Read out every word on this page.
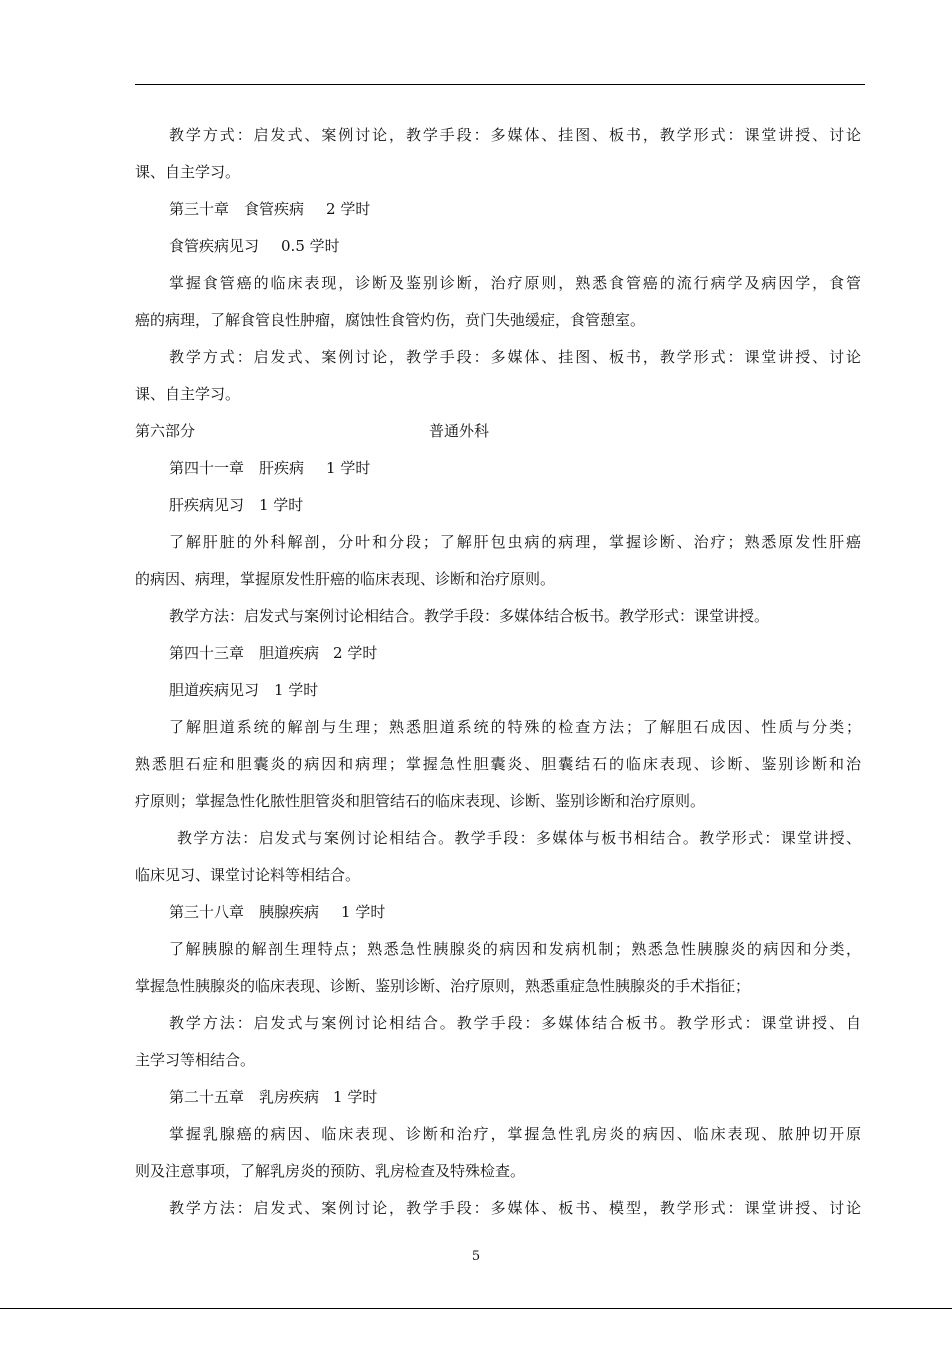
教学方式：启发式、案例讨论，教学手段：多媒体、挂图、板书，教学形式：课堂讲授、讨论
课、自主学习。
第三十章　食管疾病 2 学时
食管疾病见习 0.5 学时
掌握食管癌的临床表现，诊断及鉴别诊断，治疗原则，熟悉食管癌的流行病学及病因学，食管
癌的病理，了解食管良性肿瘤，腐蚀性食管灼伤，贲门失弛缓症，食管憩室。
教学方式：启发式、案例讨论，教学手段：多媒体、挂图、板书，教学形式：课堂讲授、讨论
课、自主学习。
第六部分	普通外科
第四十一章　肝疾病 1 学时
肝疾病见习　1 学时
了解肝脏的外科解剖，分叶和分段；了解肝包虫病的病理，掌握诊断、治疗；熟悉原发性肝癌
的病因、病理，掌握原发性肝癌的临床表现、诊断和治疗原则。
教学方法：启发式与案例讨论相结合。教学手段：多媒体结合板书。教学形式：课堂讲授。
第四十三章　胆道疾病 2 学时
胆道疾病见习　1 学时
了解胆道系统的解剖与生理；熟悉胆道系统的特殊的检查方法；了解胆石成因、性质与分类；
熟悉胆石症和胆囊炎的病因和病理；掌握急性胆囊炎、胆囊结石的临床表现、诊断、鉴别诊断和治
疗原则；掌握急性化脓性胆管炎和胆管结石的临床表现、诊断、鉴别诊断和治疗原则。
教学方法：启发式与案例讨论相结合。教学手段：多媒体与板书相结合。教学形式：课堂讲授、
临床见习、课堂讨论料等相结合。
第三十八章　胰腺疾病 1 学时
了解胰腺的解剖生理特点；熟悉急性胰腺炎的病因和发病机制；熟悉急性胰腺炎的病因和分类，
掌握急性胰腺炎的临床表现、诊断、鉴别诊断、治疗原则，熟悉重症急性胰腺炎的手术指征；
教学方法：启发式与案例讨论相结合。教学手段：多媒体结合板书。教学形式：课堂讲授、自
主学习等相结合。
第二十五章　乳房疾病 1 学时
掌握乳腺癌的病因、临床表现、诊断和治疗，掌握急性乳房炎的病因、临床表现、脓肿切开原
则及注意事项，了解乳房炎的预防、乳房检查及特殊检查。
教学方法：启发式、案例讨论，教学手段：多媒体、板书、模型，教学形式：课堂讲授、讨论
5
